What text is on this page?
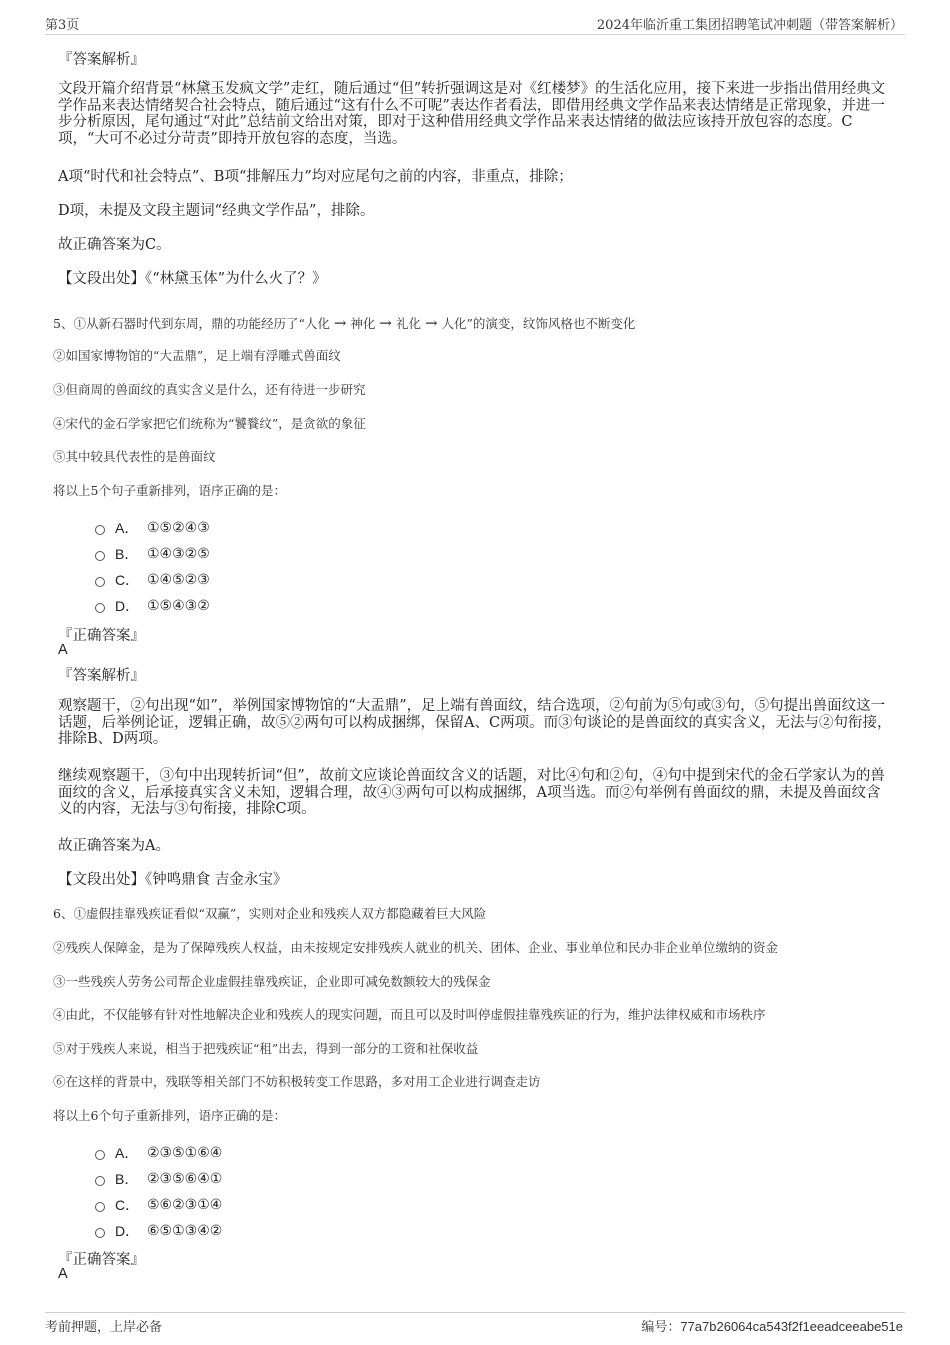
第3页	2024年临沂重工集团招聘笔试冲刺题（带答案解析）
『答案解析』

文段开篇介绍背景“林黛玉发疯文学”走红，随后通过“但”转折强调这是对《红楼梦》的生活化应用，接下来进一步指出借用经典文学作品来表达情绪契合社会特点，随后通过“这有什么不可呢”表达作者看法，即借用经典文学作品来表达情绪是正常现象，并进一步分析原因，尾句通过“对此”总结前文给出对策，即对于这种借用经典文学作品来表达情绪的做法应该持开放包容的态度。C项，“大可不必过分苛责”即持开放包容的态度，当选。

A项“时代和社会特点”、B项“排解压力”均对应尾句之前的内容，非重点，排除；

D项，未提及文段主题词“经典文学作品”，排除。

故正确答案为C。

【文段出处】《“林黛玉体”为什么火了？》

5、①从新石器时代到东周，鼎的功能经历了“人化 → 神化 → 礼化 → 人化”的演变，纹饰风格也不断变化

②如国家博物馆的“大盂鼎”，足上端有浮雕式兽面纹

③但商周的兽面纹的真实含义是什么，还有待进一步研究

④宋代的金石学家把它们统称为“饕餮纹”，是贪欲的象征

⑤其中较具代表性的是兽面纹

将以上5个句子重新排列，语序正确的是：

A． ①⑤②④③
B． ①④③②⑤
C． ①④⑤②③
D． ①⑤④③②
『正确答案』
A
『答案解析』

观察题干，②句出现“如”，举例国家博物馆的“大盂鼎”，足上端有兽面纹，结合选项，②句前为⑤句或③句，⑤句提出兽面纹这一话题，后举例论证，逻辑正确，故⑤②两句可以构成捆绑，保留A、C两项。而③句谈论的是兽面纹的真实含义，无法与②句衔接，排除B、D两项。

继续观察题干，③句中出现转折词“但”，故前文应谈论兽面纹含义的话题，对比④句和②句，④句中提到宋代的金石学家认为的兽面纹的含义，后承接真实含义未知，逻辑合理，故④③两句可以构成捆绑，A项当选。而②句举例有兽面纹的鼎，未提及兽面纹含义的内容，无法与③句衔接，排除C项。

故正确答案为A。

【文段出处】《钟鸣鼎食 吉金永宝》

6、①虚假挂靠残疾证看似“双赢”，实则对企业和残疾人双方都隐藏着巨大风险

②残疾人保障金，是为了保障残疾人权益，由未按规定安排残疾人就业的机关、团体、企业、事业单位和民办非企业单位缴纳的资金

③一些残疾人劳务公司帮企业虚假挂靠残疾证，企业即可减免数额较大的残保金

④由此，不仅能够有针对性地解决企业和残疾人的现实问题，而且可以及时叫停虚假挂靠残疾证的行为，维护法律权威和市场秩序

⑤对于残疾人来说，相当于把残疾证“租”出去，得到一部分的工资和社保收益

⑥在这样的背景中，残联等相关部门不妨积极转变工作思路，多对用工企业进行调查走访

将以上6个句子重新排列，语序正确的是：

A． ②③⑤①⑥④
B． ②③⑤⑥④①
C． ⑤⑥②③①④
D． ⑥⑤①③④②
『正确答案』
A
考前押题，上岸必备	编号：77a7b26064ca543f2f1eeadceeabe51e
